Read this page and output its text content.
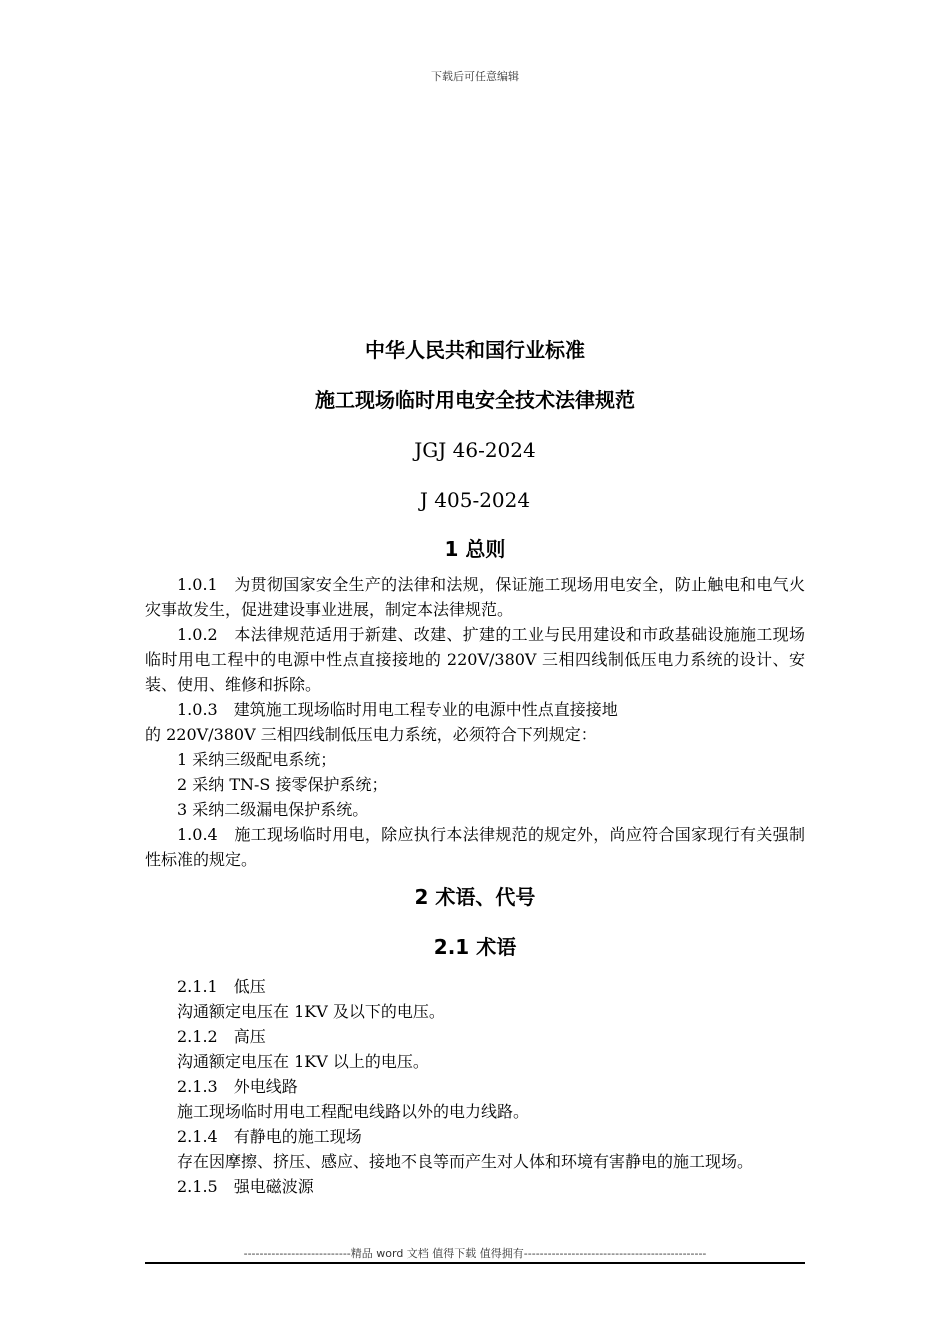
下载后可任意编辑
中华人民共和国行业标准
施工现场临时用电安全技术法律规范
JGJ 46-2024
J 405-2024
1 总则

1.0.1　为贯彻国家安全生产的法律和法规，保证施工现场用电安全，防止触电和电气火灾事故发生，促进建设事业进展，制定本法律规范。

1.0.2　本法律规范适用于新建、改建、扩建的工业与民用建设和市政基础设施施工现场临时用电工程中的电源中性点直接接地的 220V/380V 三相四线制低压电力系统的设计、安装、使用、维修和拆除。

1.0.3　建筑施工现场临时用电工程专业的电源中性点直接接地

的 220V/380V 三相四线制低压电力系统，必须符合下列规定：

1 采纳三级配电系统；

2 采纳 TN-S 接零保护系统；

3 采纳二级漏电保护系统。

1.0.4　施工现场临时用电，除应执行本法律规范的规定外，尚应符合国家现行有关强制性标准的规定。

2 术语、代号
2.1 术语

2.1.1　低压

沟通额定电压在 1KV 及以下的电压。

2.1.2　高压

沟通额定电压在 1KV 以上的电压。

2.1.3　外电线路

施工现场临时用电工程配电线路以外的电力线路。

2.1.4　有静电的施工现场

存在因摩擦、挤压、感应、接地不良等而产生对人体和环境有害静电的施工现场。

2.1.5　强电磁波源

---------------------------精品 word 文档 值得下载 值得拥有----------------------------------------------
